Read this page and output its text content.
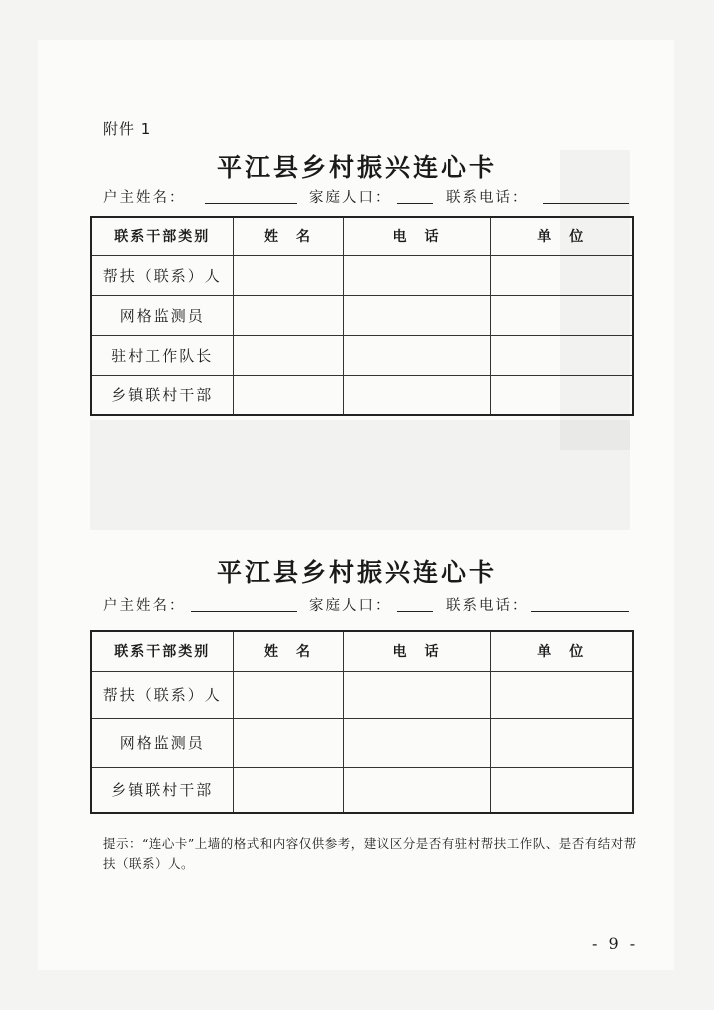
附件 1
平江县乡村振兴连心卡
户主姓名：	家庭人口：	联系电话：
联系干部类别	姓　名	电　话	单　位
帮扶（联系）人			
网格监测员			
驻村工作队长			
乡镇联村干部			
平江县乡村振兴连心卡
户主姓名：	家庭人口：	联系电话：
联系干部类别	姓　名	电　话	单　位
帮扶（联系）人			
网格监测员			
乡镇联村干部			
提示：“连心卡”上墙的格式和内容仅供参考，建议区分是否有驻村帮扶工作队、是否有结对帮扶（联系）人。
- 9 -
